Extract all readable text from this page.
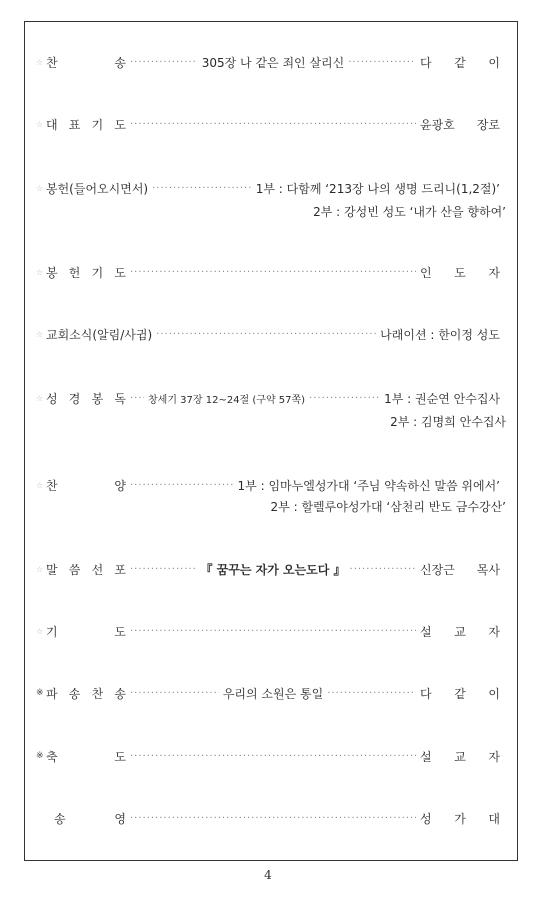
☆ 찬	송 ·····	305장 나 같은 죄인 살리신 ·····	다 같 이
☆ 대 표 기 도 ·····	윤광호 장로
☆ 봉헌(들어오시면서) ·····	1부 : 다함께 ‘213장 나의 생명 드리니(1,2절)’
2부 : 강성빈 성도 ‘내가 산을 향하여’
☆ 봉 헌 기 도 ·····	인 도 자
☆ 교회소식(알림/사귐) ·····	나래이션 : 한이정 성도
☆ 성 경 봉 독 ····· 창세기 37장 12~24절 (구약 57쪽) ·····	1부 : 권순연 안수집사
2부 : 김명희 안수집사
☆ 찬	양 ·····	1부 : 임마누엘성가대 ‘주님 약속하신 말씀 위에서’
2부 : 할렐루야성가대 ‘삼천리 반도 금수강산’
☆ 말 씀 선 포 ·····	『 꿈꾸는 자가 오는도다 』 ·····	신장근 목사
☆ 기	도 ·····	설 교 자
※ 파 송 찬 송 ·····	우리의 소원은 통일 ·····	다 같 이
※ 축	도 ·····	설 교 자
송	영 ·····	성 가 대
4
